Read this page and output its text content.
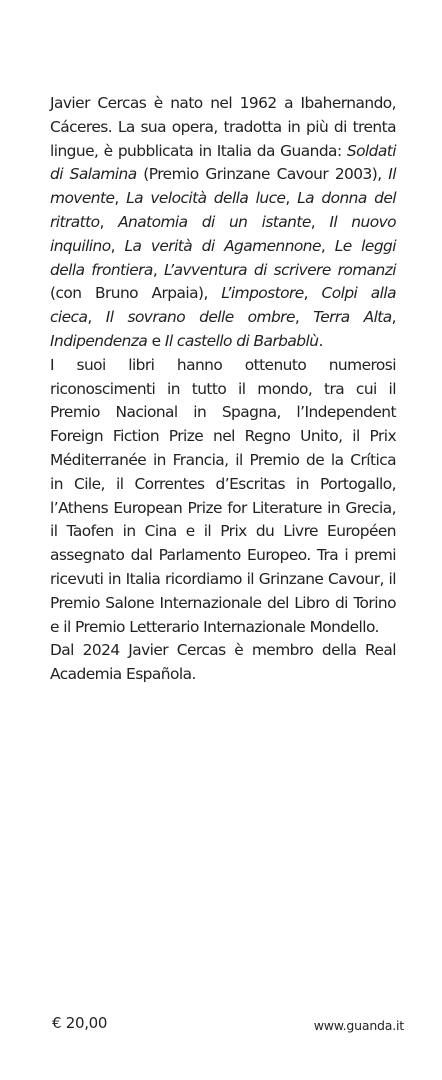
Javier Cercas è nato nel 1962 a Ibahernando, Cáceres. La sua opera, tradotta in più di trenta lingue, è pubblicata in Italia da Guanda: Soldati di Salamina (Premio Grinzane Cavour 2003), Il movente, La velocità della luce, La donna del ritratto, Anatomia di un istante, Il nuovo inquilino, La verità di Agamennone, Le leggi della frontiera, L’avventura di scrivere romanzi (con Bruno Arpaia), L’impostore, Colpi alla cieca, Il sovrano delle ombre, Terra Alta, Indipendenza e Il castello di Barbablù.

I suoi libri hanno ottenuto numerosi riconoscimenti in tutto il mondo, tra cui il Premio Nacional in Spagna, l’Independent Foreign Fiction Prize nel Regno Unito, il Prix Méditerranée in Francia, il Premio de la Crítica in Cile, il Correntes d’Escritas in Portogallo, l’Athens European Prize for Literature in Grecia, il Taofen in Cina e il Prix du Livre Européen assegnato dal Parlamento Europeo. Tra i premi ricevuti in Italia ricordiamo il Grinzane Cavour, il Premio Salone Internazionale del Libro di Torino e il Premio Letterario Internazionale Mondello.

Dal 2024 Javier Cercas è membro della Real Academia Española.

€ 20,00	www.guanda.it
